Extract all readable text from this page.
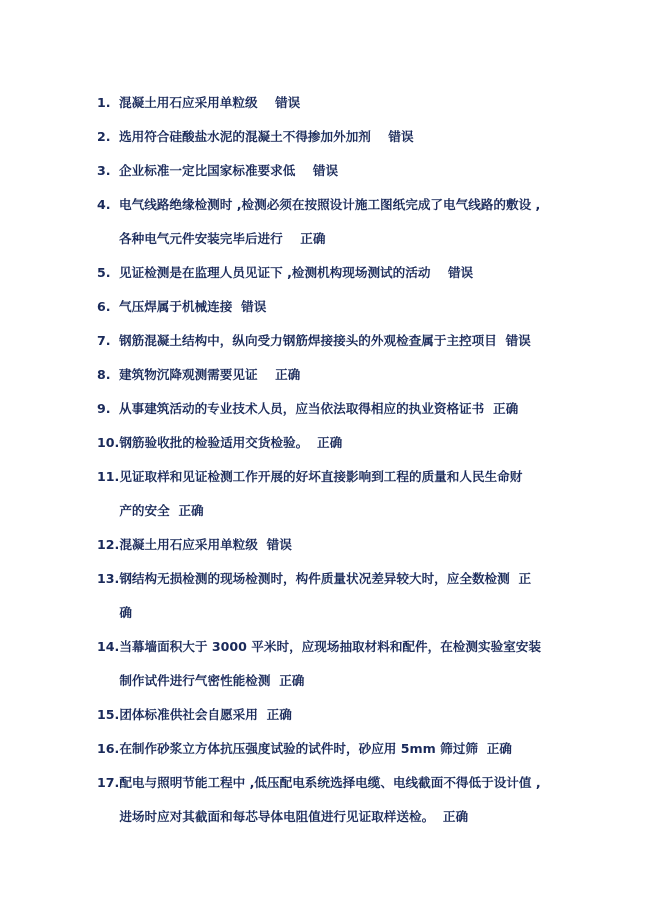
1. 混凝土用石应采用单粒级    错误
2. 选用符合硅酸盐水泥的混凝土不得掺加外加剂    错误
3. 企业标准一定比国家标准要求低    错误
4. 电气线路绝缘检测时 ,检测必须在按照设计施工图纸完成了电气线路的敷设 ,
各种电气元件安装完毕后进行    正确
5. 见证检测是在监理人员见证下 ,检测机构现场测试的活动    错误
6. 气压焊属于机械连接  错误
7. 钢筋混凝土结构中，纵向受力钢筋焊接接头的外观检查属于主控项目  错误
8. 建筑物沉降观测需要见证    正确
9. 从事建筑活动的专业技术人员，应当依法取得相应的执业资格证书  正确
10. 钢筋验收批的检验适用交货检验。  正确
11. 见证取样和见证检测工作开展的好坏直接影响到工程的质量和人民生命财
产的安全  正确
12. 混凝土用石应采用单粒级  错误
13. 钢结构无损检测的现场检测时，构件质量状况差异较大时，应全数检测  正
确
14. 当幕墙面积大于 3000 平米时，应现场抽取材料和配件，在检测实验室安装
制作试件进行气密性能检测  正确
15. 团体标准供社会自愿采用  正确
16. 在制作砂浆立方体抗压强度试验的试件时，砂应用 5mm 筛过筛  正确
17. 配电与照明节能工程中 ,低压配电系统选择电缆、电线截面不得低于设计值 ,
进场时应对其截面和每芯导体电阻值进行见证取样送检。  正确
